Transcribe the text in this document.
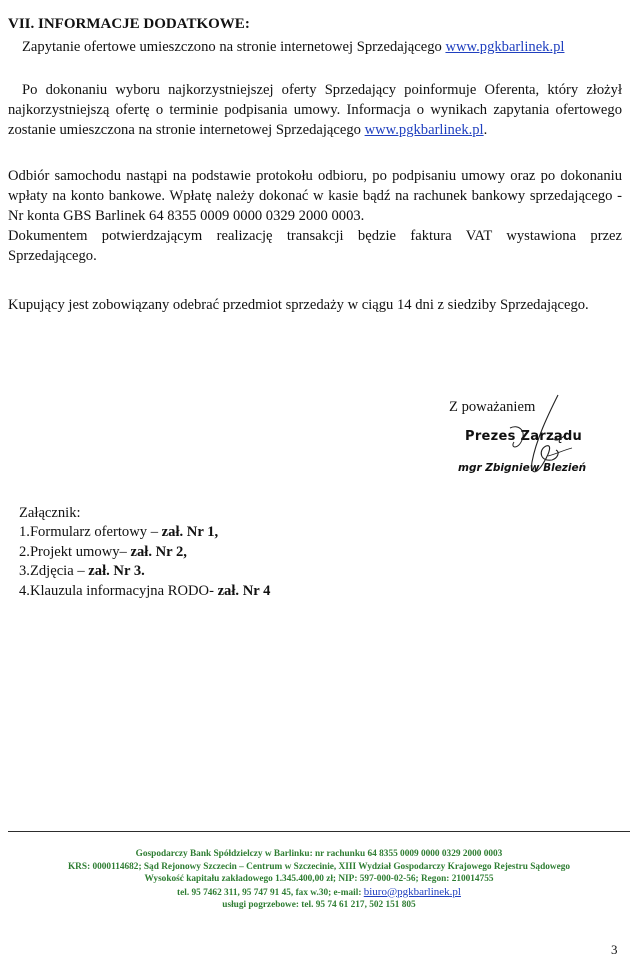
VII. INFORMACJE DODATKOWE:
Zapytanie ofertowe umieszczono na stronie internetowej Sprzedającego www.pgkbarlinek.pl
Po dokonaniu wyboru najkorzystniejszej oferty Sprzedający poinformuje Oferenta, który złożył najkorzystniejszą ofertę o terminie podpisania umowy. Informacja o wynikach zapytania ofertowego zostanie umieszczona na stronie internetowej Sprzedającego www.pgkbarlinek.pl.
Odbiór samochodu nastąpi na podstawie protokołu odbioru, po podpisaniu umowy oraz po dokonaniu wpłaty na konto bankowe. Wpłatę należy dokonać w kasie bądź na rachunek bankowy sprzedającego - Nr konta GBS Barlinek 64 8355 0009 0000 0329 2000 0003.
Dokumentem potwierdzającym realizację transakcji będzie faktura VAT wystawiona przez Sprzedającego.
Kupujący jest zobowiązany odebrać przedmiot sprzedaży w ciągu 14 dni z siedziby Sprzedającego.
Z poważaniem
Prezes Zarządu
mgr Zbigniew Blezień
Załącznik:
1.Formularz ofertowy – zał. Nr 1,
2.Projekt umowy– zał. Nr 2,
3.Zdjęcia – zał. Nr 3.
4.Klauzula informacyjna RODO- zał. Nr 4
Gospodarczy Bank Spółdzielczy w Barlinku: nr rachunku 64 8355 0009 0000 0329 2000 0003
KRS: 0000114682; Sąd Rejonowy Szczecin – Centrum w Szczecinie, XIII Wydział Gospodarczy Krajowego Rejestru Sądowego
Wysokość kapitału zakładowego 1.345.400,00 zł; NIP: 597-000-02-56; Regon: 210014755
tel. 95 7462 311, 95 747 91 45, fax w.30; e-mail: biuro@pgkbarlinek.pl
usługi pogrzebowe: tel. 95 74 61 217, 502 151 805
3
